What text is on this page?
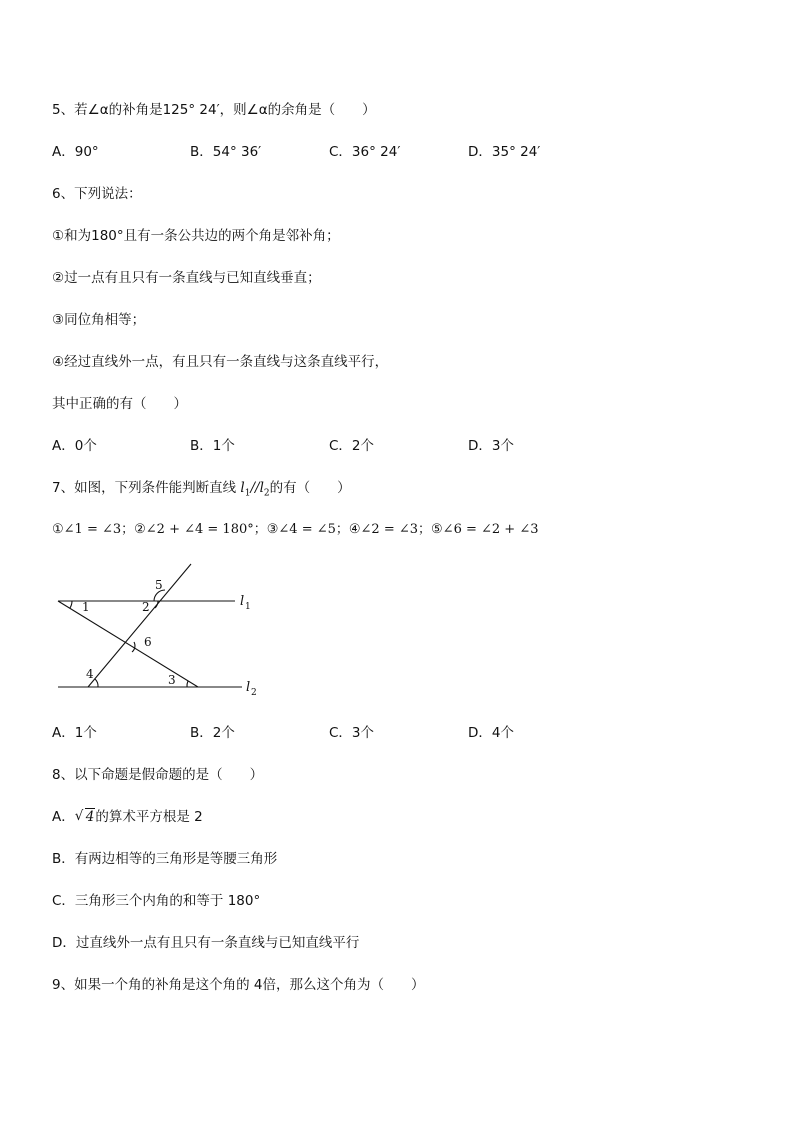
5、若∠α的补角是125° 24′，则∠α的余角是（　　）
A．90°	B．54° 36′	C．36° 24′	D．35° 24′
6、下列说法：
①和为180°且有一条公共边的两个角是邻补角；
②过一点有且只有一条直线与已知直线垂直；
③同位角相等；
④经过直线外一点，有且只有一条直线与这条直线平行，
其中正确的有（　　）
A．0个	B．1个	C．2个	D．3个
7、如图，下列条件能判断直线 $l_1//l_2$的有（　　）
①∠1 = ∠3；②∠2 + ∠4 = 180°；③∠4 = ∠5；④∠2 = ∠3；⑤∠6 = ∠2 + ∠3
1	2
3
4
5
6
l 1
l 2
A．1个	B．2个	C．3个	D．4个
8、以下命题是假命题的是（　　）
A． √ 4的算术平方根是 2
B．有两边相等的三角形是等腰三角形
C．三角形三个内角的和等于 180°
D．过直线外一点有且只有一条直线与已知直线平行
9、如果一个角的补角是这个角的 4倍，那么这个角为（　　）
